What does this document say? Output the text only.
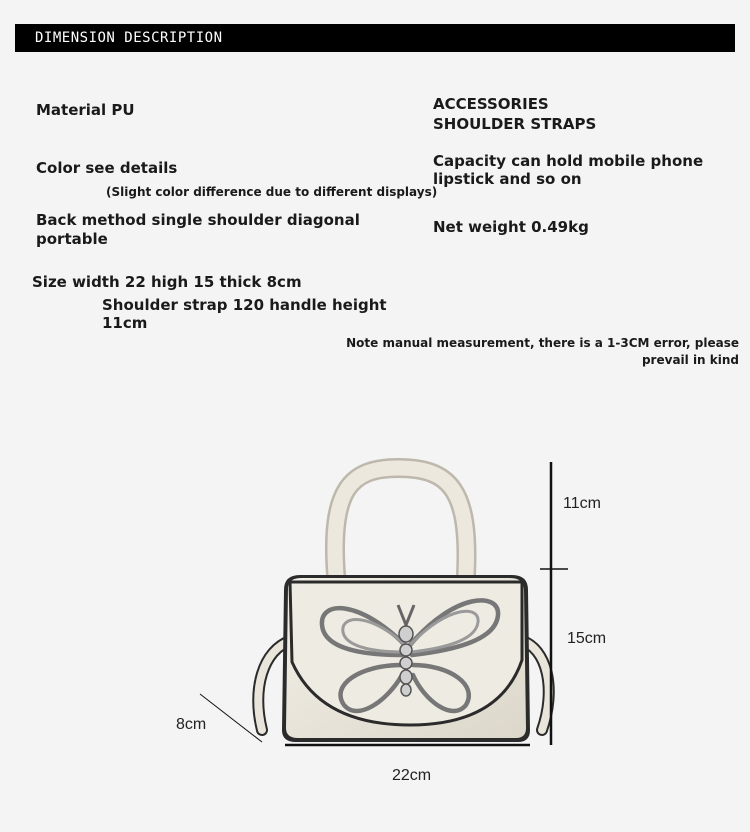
DIMENSION DESCRIPTION
Material PU
Color see details
(Slight color difference due to different displays)
Back method single shoulder diagonal
portable
Size width 22 high 15 thick 8cm
Shoulder strap 120 handle height
11cm
ACCESSORIES
SHOULDER STRAPS
Capacity can hold mobile phone
lipstick and so on
Net weight 0.49kg
Note manual measurement, there is a 1-3CM error, please
prevail in kind
11cm
15cm
8cm
22cm
